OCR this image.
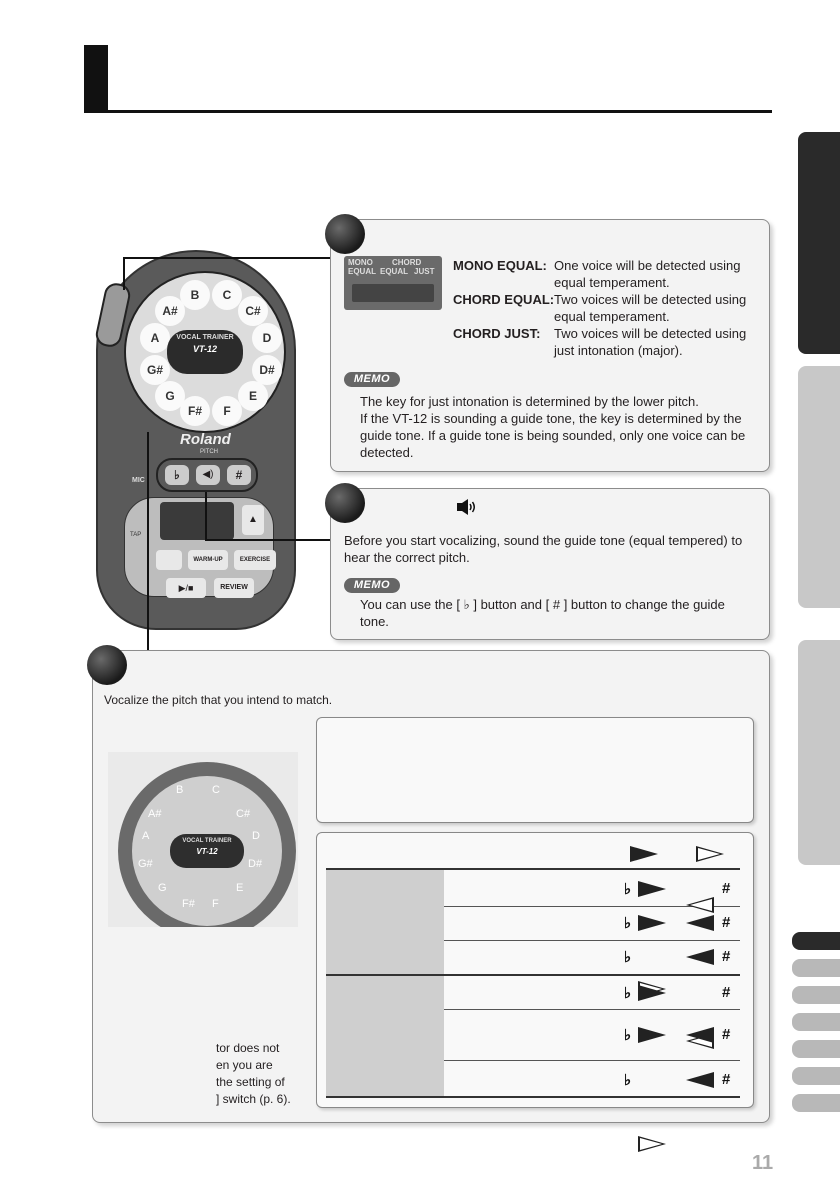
MONO CHORD
EQUAL EQUAL JUST MONO EQUAL: One voice will be detected using
equal temperament.
CHORD EQUAL: Two voices will be detected using
equal temperament.
CHORD JUST: Two voices will be detected using
just intonation (major).
MEMO
The key for just intonation is determined by the lower pitch.
If the VT-12 is sounding a guide tone, the key is determined by the
guide tone. If a guide tone is being sounded, only one voice can be
detected.
Before you start vocalizing, sound the guide tone (equal tempered) to
hear the correct pitch.
MEMO
You can use the [ ♭ ] button and [ # ] button to change the guide
tone.
B	C
C#
D
D#
E
F
F#
G
G#
A
A#
VOCAL TRAINER
VT-12
Roland
PITCH
MIC	♭	◀)	#
▲
TAP
WARM-UP	EXERCISE
▶/■	REVIEW
Vocalize the pitch that you intend to match.
VOCAL TRAINER
VT-12
B	C
C#
D
D#
E
F
F#
G
G#
A
A#
tor does not
en you are
the setting of
] switch (p. 6).
♭	#
♭	#
♭	#
♭	#
♭	#
♭	#
11
